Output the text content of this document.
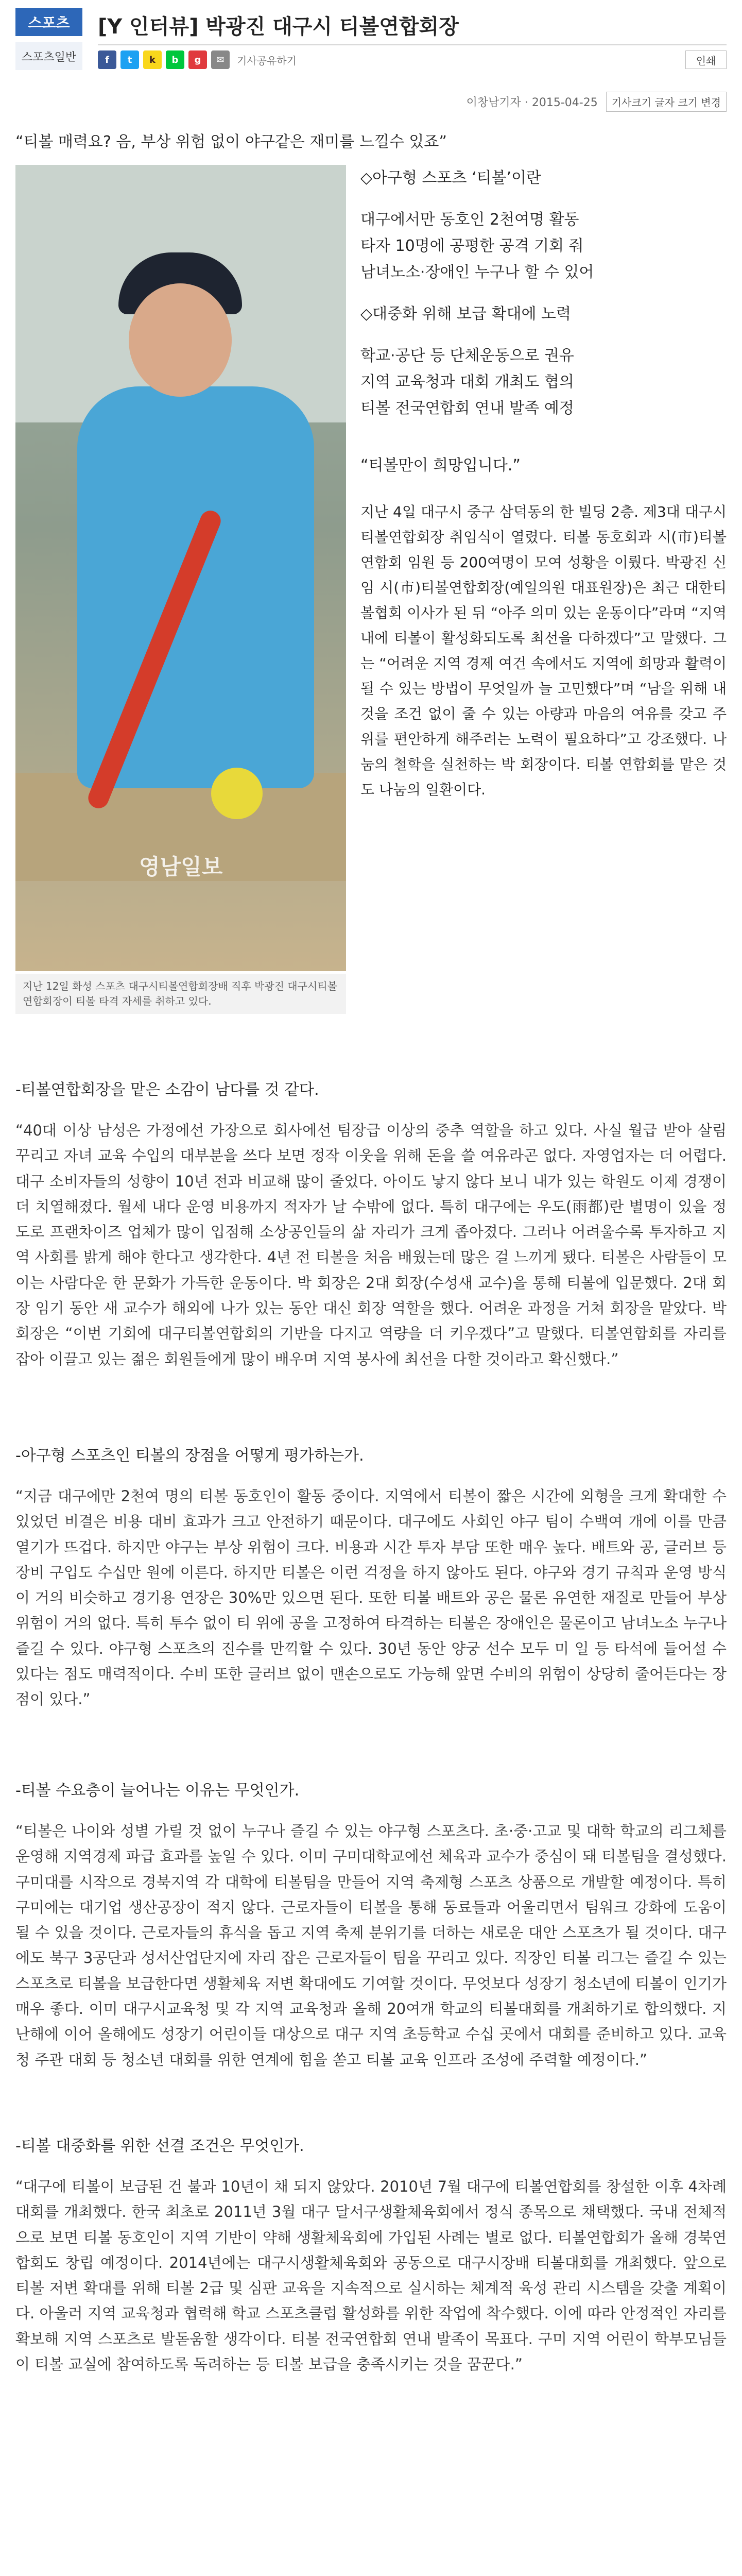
스포츠
스포츠일반
[Y 인터뷰] 박광진 대구시 티볼연합회장
f	t	k	b	g	✉	기사공유하기	인쇄
이창남기자 · 2015-04-25	기사크기 글자 크기 변경
“티볼 매력요? 음, 부상 위험 없이 야구같은 재미를 느낄수 있죠”
영남일보
지난 12일 화성 스포츠 대구시티볼연합회장배 직후 박광진 대구시티볼연합회장이 티볼 타격 자세를 취하고 있다.
◇아구형 스포츠 ‘티볼’이란
대구에서만 동호인 2천여명 활동
타자 10명에 공평한 공격 기회 줘
남녀노소·장애인 누구나 할 수 있어
◇대중화 위해 보급 확대에 노력
학교·공단 등 단체운동으로 권유
지역 교육청과 대회 개최도 협의
티볼 전국연합회 연내 발족 예정
“티볼만이 희망입니다.”
지난 4일 대구시 중구 삼덕동의 한 빌딩 2층. 제3대 대구시티볼연합회장 취임식이 열렸다. 티볼 동호회과 시(市)티볼연합회 임원 등 200여명이 모여 성황을 이뤘다. 박광진 신임 시(市)티볼연합회장(예일의원 대표원장)은 최근 대한티볼협회 이사가 된 뒤 “아주 의미 있는 운동이다”라며 “지역 내에 티볼이 활성화되도록 최선을 다하겠다”고 말했다. 그는 “어려운 지역 경제 여건 속에서도 지역에 희망과 활력이 될 수 있는 방법이 무엇일까 늘 고민했다”며 “남을 위해 내 것을 조건 없이 줄 수 있는 아량과 마음의 여유를 갖고 주위를 편안하게 해주려는 노력이 필요하다”고 강조했다. 나눔의 철학을 실천하는 박 회장이다. 티볼 연합회를 맡은 것도 나눔의 일환이다.
-티볼연합회장을 맡은 소감이 남다를 것 같다.
“40대 이상 남성은 가정에선 가장으로 회사에선 팀장급 이상의 중추 역할을 하고 있다. 사실 월급 받아 살림 꾸리고 자녀 교육 수입의 대부분을 쓰다 보면 정작 이웃을 위해 돈을 쓸 여유라곤 없다. 자영업자는 더 어렵다. 대구 소비자들의 성향이 10년 전과 비교해 많이 줄었다. 아이도 낳지 않다 보니 내가 있는 학원도 이제 경쟁이 더 치열해졌다. 월세 내다 운영 비용까지 적자가 날 수밖에 없다. 특히 대구에는 우도(雨都)란 별명이 있을 정도로 프랜차이즈 업체가 많이 입점해 소상공인들의 삶 자리가 크게 좁아졌다. 그러나 어려울수록 투자하고 지역 사회를 밝게 해야 한다고 생각한다. 4년 전 티볼을 처음 배웠는데 많은 걸 느끼게 됐다. 티볼은 사람들이 모이는 사람다운 한 문화가 가득한 운동이다. 박 회장은 2대 회장(수성새 교수)을 통해 티볼에 입문했다. 2대 회장 임기 동안 새 교수가 해외에 나가 있는 동안 대신 회장 역할을 했다. 어려운 과정을 거쳐 회장을 맡았다. 박 회장은 “이번 기회에 대구티볼연합회의 기반을 다지고 역량을 더 키우겠다”고 말했다. 티볼연합회를 자리를 잡아 이끌고 있는 젊은 회원들에게 많이 배우며 지역 봉사에 최선을 다할 것이라고 확신했다.”
-아구형 스포츠인 티볼의 장점을 어떻게 평가하는가.
“지금 대구에만 2천여 명의 티볼 동호인이 활동 중이다. 지역에서 티볼이 짧은 시간에 외형을 크게 확대할 수 있었던 비결은 비용 대비 효과가 크고 안전하기 때문이다. 대구에도 사회인 야구 팀이 수백여 개에 이를 만큼 열기가 뜨겁다. 하지만 야구는 부상 위험이 크다. 비용과 시간 투자 부담 또한 매우 높다. 배트와 공, 글러브 등 장비 구입도 수십만 원에 이른다. 하지만 티볼은 이런 걱정을 하지 않아도 된다. 야구와 경기 규칙과 운영 방식이 거의 비슷하고 경기용 연장은 30%만 있으면 된다. 또한 티볼 배트와 공은 물론 유연한 재질로 만들어 부상 위험이 거의 없다. 특히 투수 없이 티 위에 공을 고정하여 타격하는 티볼은 장애인은 물론이고 남녀노소 누구나 즐길 수 있다. 야구형 스포츠의 진수를 만끽할 수 있다. 30년 동안 양궁 선수 모두 미 일 등 타석에 들어설 수 있다는 점도 매력적이다. 수비 또한 글러브 없이 맨손으로도 가능해 앞면 수비의 위험이 상당히 줄어든다는 장점이 있다.”
-티볼 수요층이 늘어나는 이유는 무엇인가.
“티볼은 나이와 성별 가릴 것 없이 누구나 즐길 수 있는 야구형 스포츠다. 초·중·고교 및 대학 학교의 리그체를 운영해 지역경제 파급 효과를 높일 수 있다. 이미 구미대학교에선 체육과 교수가 중심이 돼 티볼팀을 결성했다. 구미대를 시작으로 경북지역 각 대학에 티볼팀을 만들어 지역 축제형 스포츠 상품으로 개발할 예정이다. 특히 구미에는 대기업 생산공장이 적지 않다. 근로자들이 티볼을 통해 동료들과 어울리면서 팀워크 강화에 도움이 될 수 있을 것이다. 근로자들의 휴식을 돕고 지역 축제 분위기를 더하는 새로운 대안 스포츠가 될 것이다. 대구에도 북구 3공단과 성서산업단지에 자리 잡은 근로자들이 팀을 꾸리고 있다. 직장인 티볼 리그는 즐길 수 있는 스포츠로 티볼을 보급한다면 생활체육 저변 확대에도 기여할 것이다. 무엇보다 성장기 청소년에 티볼이 인기가 매우 좋다. 이미 대구시교육청 및 각 지역 교육청과 올해 20여개 학교의 티볼대회를 개최하기로 합의했다. 지난해에 이어 올해에도 성장기 어린이들 대상으로 대구 지역 초등학교 수십 곳에서 대회를 준비하고 있다. 교육청 주관 대회 등 청소년 대회를 위한 연계에 힘을 쏟고 티볼 교육 인프라 조성에 주력할 예정이다.”
-티볼 대중화를 위한 선결 조건은 무엇인가.
“대구에 티볼이 보급된 건 불과 10년이 채 되지 않았다. 2010년 7월 대구에 티볼연합회를 창설한 이후 4차례 대회를 개최했다. 한국 최초로 2011년 3월 대구 달서구생활체육회에서 정식 종목으로 채택했다. 국내 전체적으로 보면 티볼 동호인이 지역 기반이 약해 생활체육회에 가입된 사례는 별로 없다. 티볼연합회가 올해 경북연합회도 창립 예정이다. 2014년에는 대구시생활체육회와 공동으로 대구시장배 티볼대회를 개최했다. 앞으로 티볼 저변 확대를 위해 티볼 2급 및 심판 교육을 지속적으로 실시하는 체계적 육성 관리 시스템을 갖출 계획이다. 아울러 지역 교육청과 협력해 학교 스포츠클럽 활성화를 위한 작업에 착수했다. 이에 따라 안정적인 자리를 확보해 지역 스포츠로 발돋움할 생각이다. 티볼 전국연합회 연내 발족이 목표다. 구미 지역 어린이 학부모님들이 티볼 교실에 참여하도록 독려하는 등 티볼 보급을 충족시키는 것을 꿈꾼다.”
